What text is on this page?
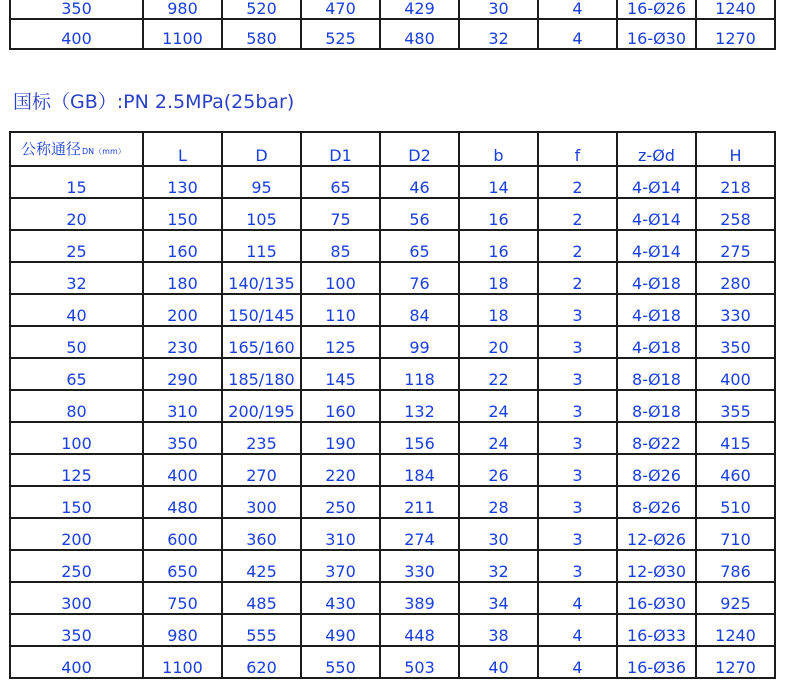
350	980	520	470	429	30	4	16-Ø26	1240
400	1100	580	525	480	32	4	16-Ø30	1270
国标（GB）:PN 2.5MPa(25bar)
公称通径DN（mm）	L	D	D1	D2	b	f	z-Ød	H
15	130	95	65	46	14	2	4-Ø14	218
20	150	105	75	56	16	2	4-Ø14	258
25	160	115	85	65	16	2	4-Ø14	275
32	180	140/135	100	76	18	2	4-Ø18	280
40	200	150/145	110	84	18	3	4-Ø18	330
50	230	165/160	125	99	20	3	4-Ø18	350
65	290	185/180	145	118	22	3	8-Ø18	400
80	310	200/195	160	132	24	3	8-Ø18	355
100	350	235	190	156	24	3	8-Ø22	415
125	400	270	220	184	26	3	8-Ø26	460
150	480	300	250	211	28	3	8-Ø26	510
200	600	360	310	274	30	3	12-Ø26	710
250	650	425	370	330	32	3	12-Ø30	786
300	750	485	430	389	34	4	16-Ø30	925
350	980	555	490	448	38	4	16-Ø33	1240
400	1100	620	550	503	40	4	16-Ø36	1270
